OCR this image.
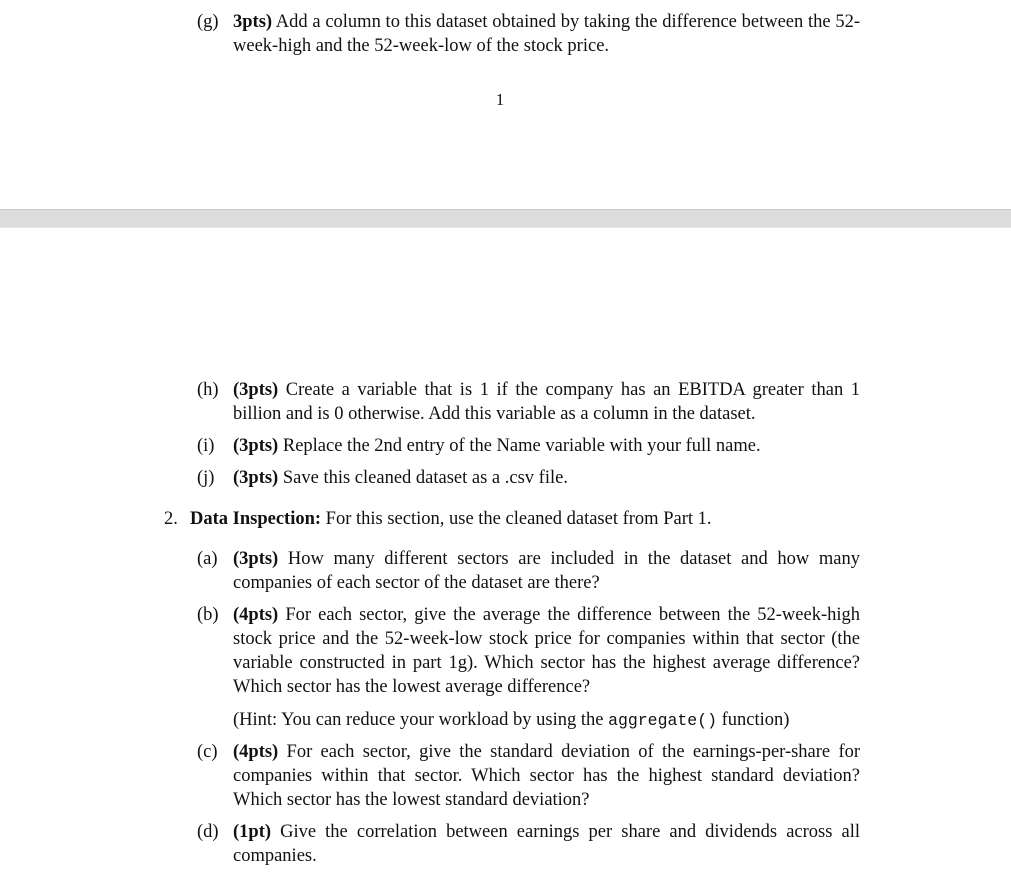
(g) 3pts) Add a column to this dataset obtained by taking the difference between the 52-week-high and the 52-week-low of the stock price.
1
(h) (3pts) Create a variable that is 1 if the company has an EBITDA greater than 1 billion and is 0 otherwise. Add this variable as a column in the dataset.
(i) (3pts) Replace the 2nd entry of the Name variable with your full name.
(j) (3pts) Save this cleaned dataset as a .csv file.
2. Data Inspection: For this section, use the cleaned dataset from Part 1.
(a) (3pts) How many different sectors are included in the dataset and how many companies of each sector of the dataset are there?
(b) (4pts) For each sector, give the average the difference between the 52-week-high stock price and the 52-week-low stock price for companies within that sector (the variable constructed in part 1g). Which sector has the highest average difference? Which sector has the lowest average difference?
(Hint: You can reduce your workload by using the aggregate() function)
(c) (4pts) For each sector, give the standard deviation of the earnings-per-share for companies within that sector. Which sector has the highest standard deviation? Which sector has the lowest standard deviation?
(d) (1pt) Give the correlation between earnings per share and dividends across all companies.
